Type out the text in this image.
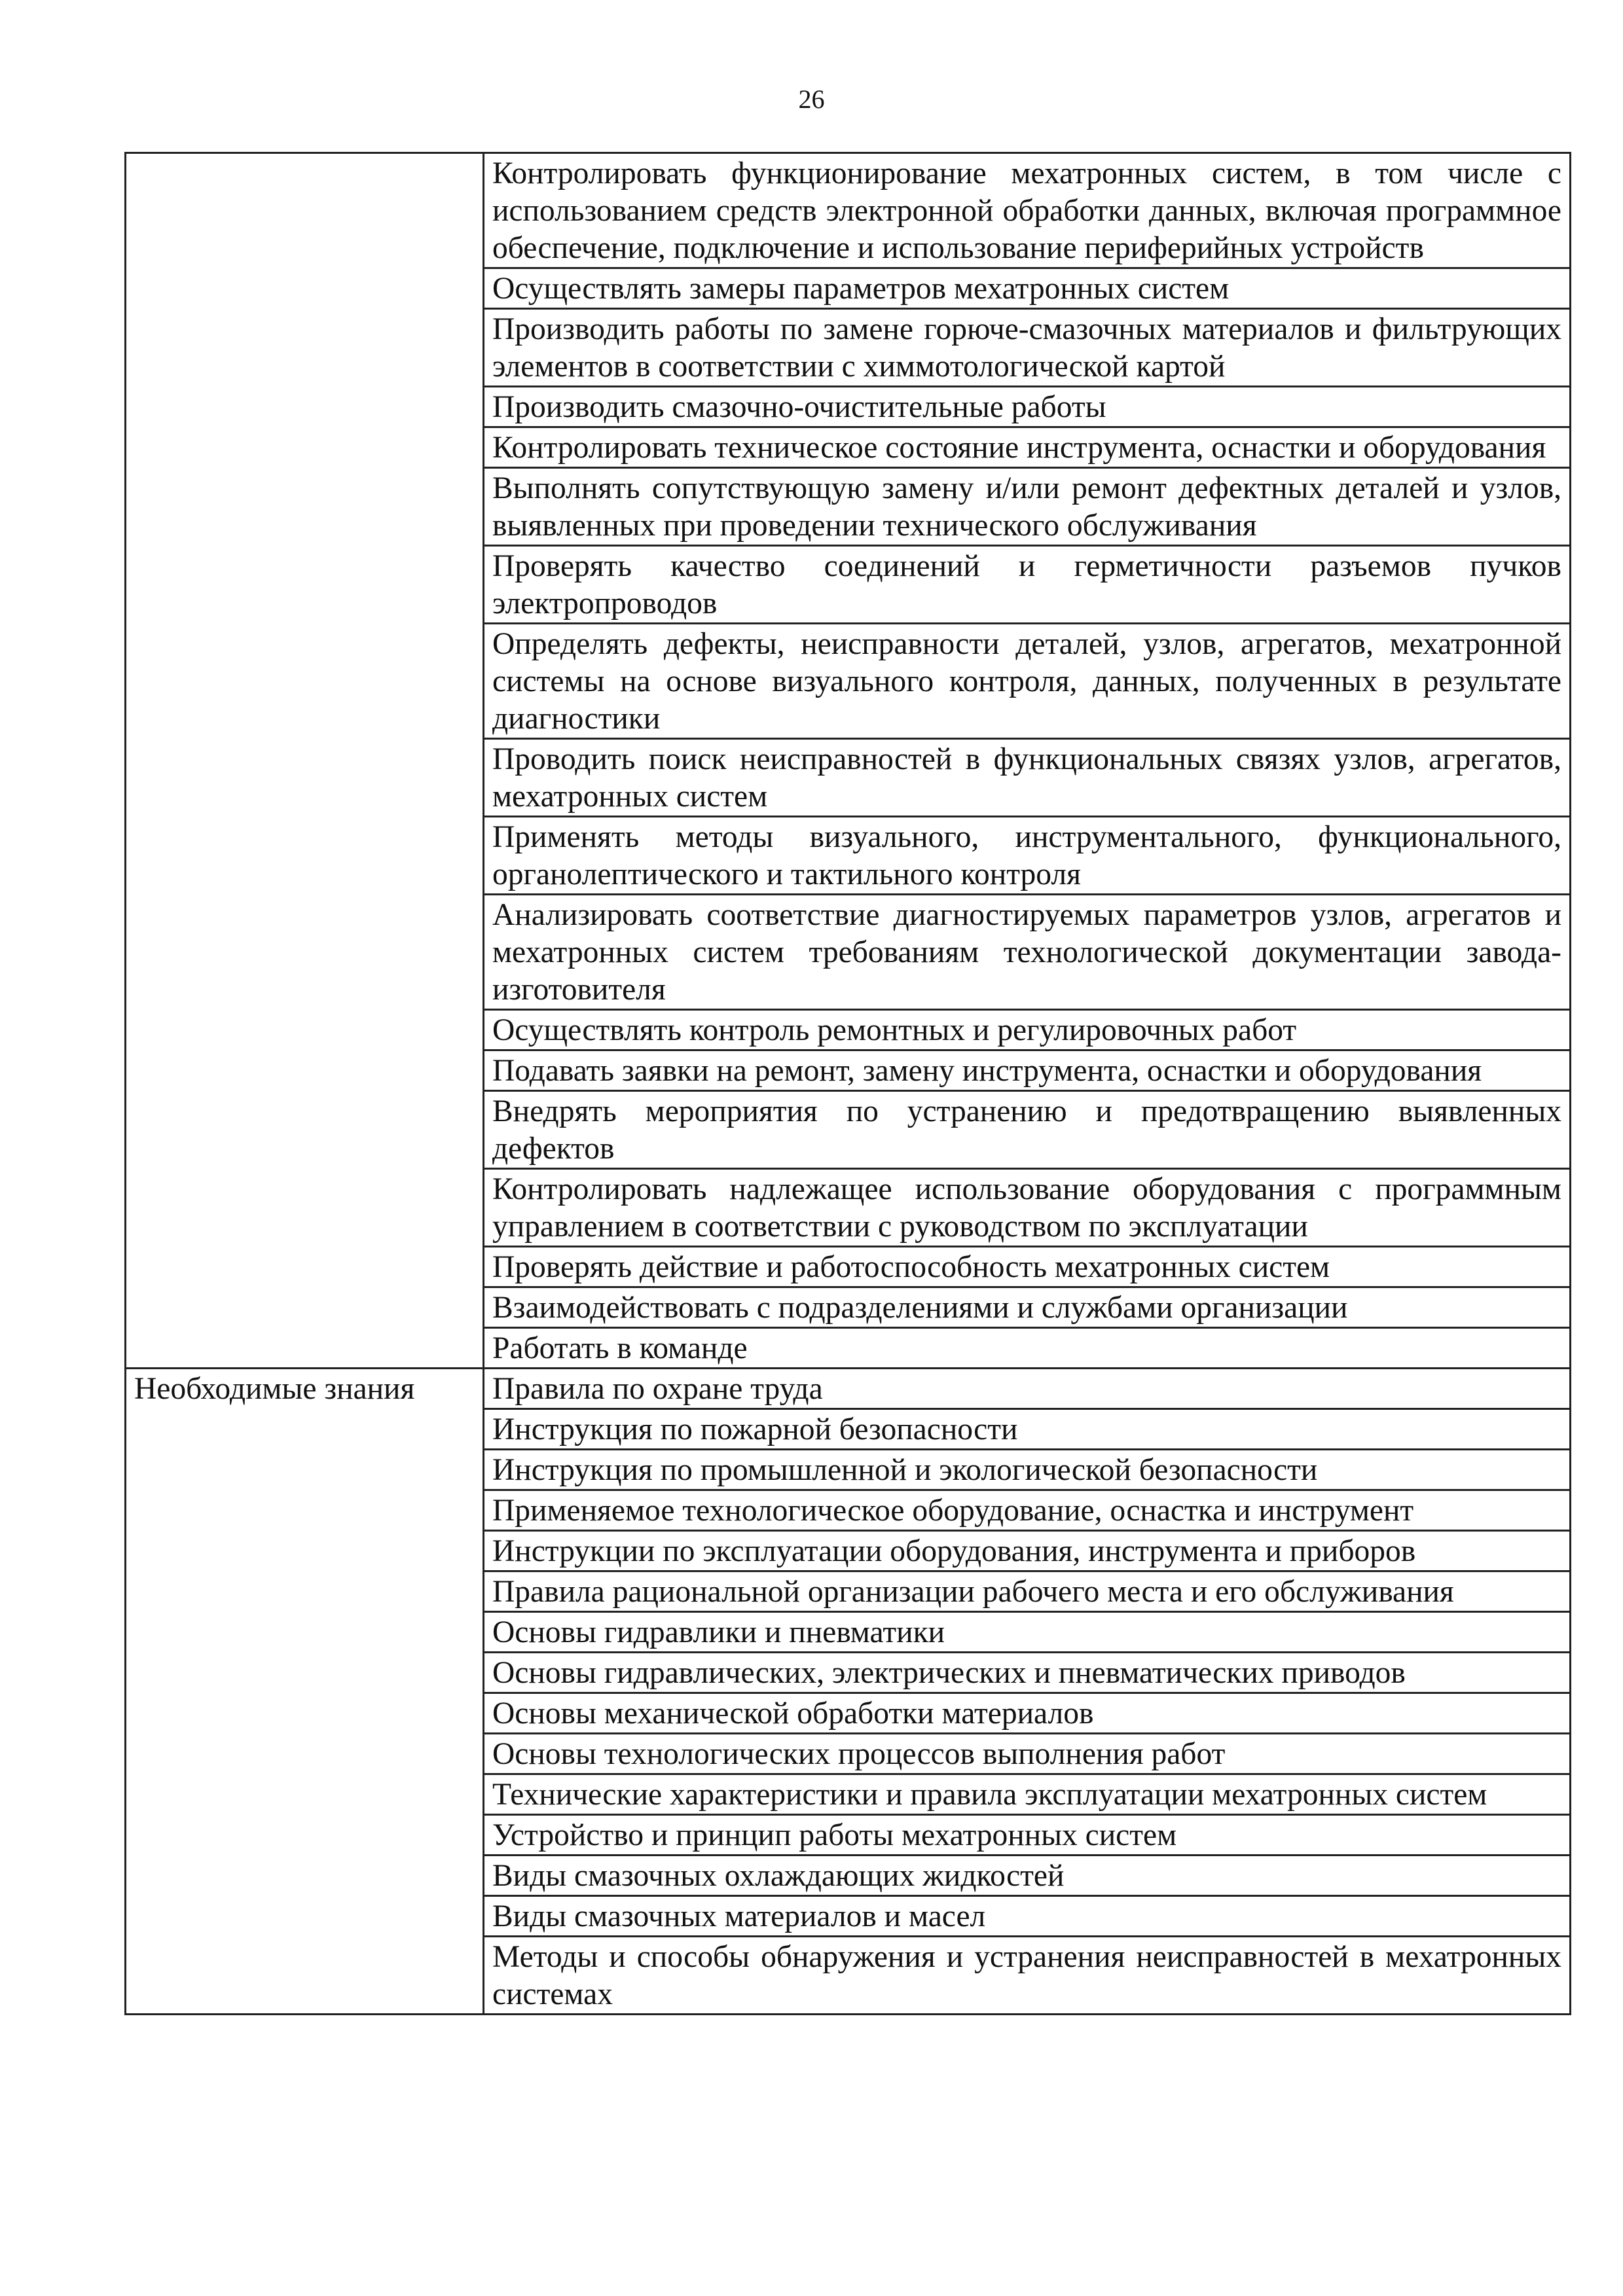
26
	Контролировать функционирование мехатронных систем, в том числе с использованием средств электронной обработки данных, включая программное обеспечение, подключение и использование периферийных устройств
	Осуществлять замеры параметров мехатронных систем
	Производить работы по замене горюче-смазочных материалов и фильтрующих элементов в соответствии с химмотологической картой
	Производить смазочно-очистительные работы
	Контролировать техническое состояние инструмента, оснастки и оборудования
	Выполнять сопутствующую замену и/или ремонт дефектных деталей и узлов, выявленных при проведении технического обслуживания
	Проверять качество соединений и герметичности разъемов пучков электропроводов
	Определять дефекты, неисправности деталей, узлов, агрегатов, мехатронной системы на основе визуального контроля, данных, полученных в результате диагностики
	Проводить поиск неисправностей в функциональных связях узлов, агрегатов, мехатронных систем
	Применять методы визуального, инструментального, функционального, органолептического и тактильного контроля
	Анализировать соответствие диагностируемых параметров узлов, агрегатов и мехатронных систем требованиям технологической документации завода-изготовителя
	Осуществлять контроль ремонтных и регулировочных работ
	Подавать заявки на ремонт, замену инструмента, оснастки и оборудования
	Внедрять мероприятия по устранению и предотвращению выявленных дефектов
	Контролировать надлежащее использование оборудования с программным управлением в соответствии с руководством по эксплуатации
	Проверять действие и работоспособность мехатронных систем
	Взаимодействовать с подразделениями и службами организации
	Работать в команде
Необходимые знания	Правила по охране труда
	Инструкция по пожарной безопасности
	Инструкция по промышленной и экологической безопасности
	Применяемое технологическое оборудование, оснастка и инструмент
	Инструкции по эксплуатации оборудования, инструмента и приборов
	Правила рациональной организации рабочего места и его обслуживания
	Основы гидравлики и пневматики
	Основы гидравлических, электрических и пневматических приводов
	Основы механической обработки материалов
	Основы технологических процессов выполнения работ
	Технические характеристики и правила эксплуатации мехатронных систем
	Устройство и принцип работы мехатронных систем
	Виды смазочных охлаждающих жидкостей
	Виды смазочных материалов и масел
	Методы и способы обнаружения и устранения неисправностей в мехатронных системах
